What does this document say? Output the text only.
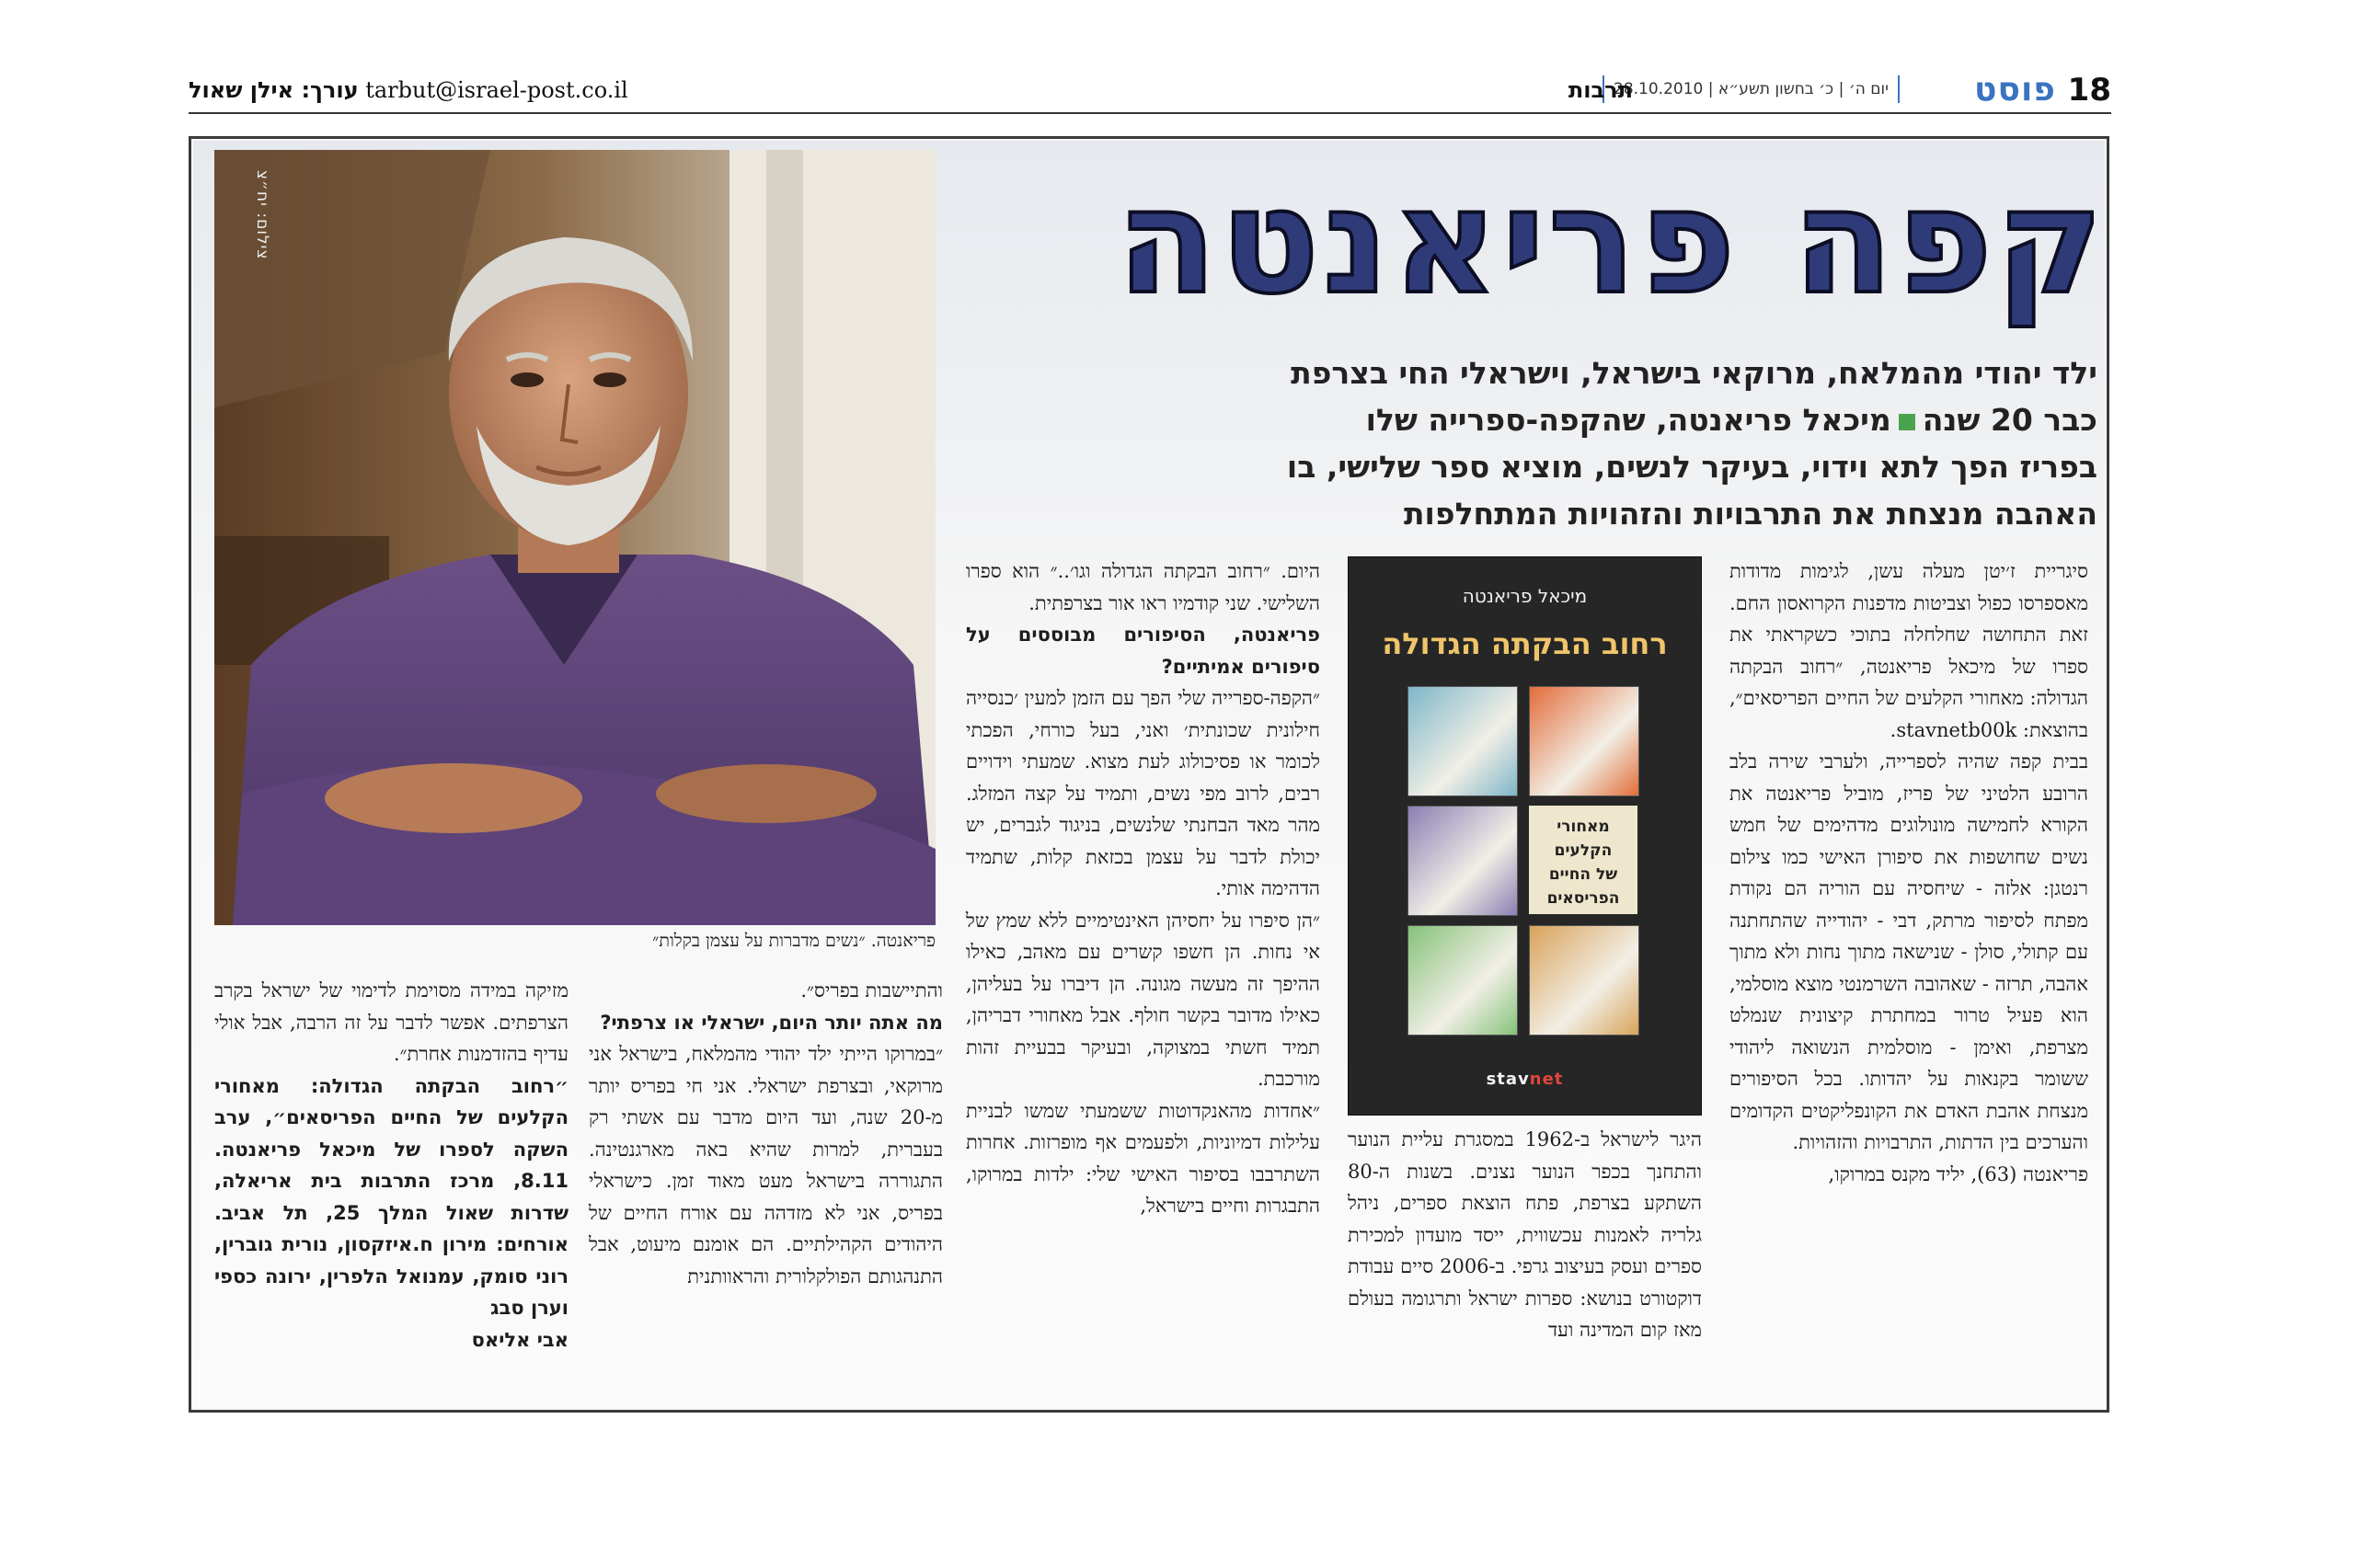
18
פוסט
יום ה׳ | כ׳ בחשון תשע״א | 28.10.2010
תרבות
עורך: אילן שאול tarbut@israel-post.co.il
צילום: יח״צ
פריאנטה. ״נשים מדברות על עצמן בקלות״
קפה פריאנטה
ילד יהודי מהמלאח, מרוקאי בישראל, וישראלי החי בצרפת
כבר 20 שנהמיכאל פריאנטה, שהקפה-ספרייה שלו
בפריז הפך לתא וידוי, בעיקר לנשים, מוציא ספר שלישי, בו
האהבה מנצחת את התרבויות והזהויות המתחלפות
מיכאל פריאנטה
רחוב הבקתה הגדולה
מאחורי
הקלעים
של החיים
הפריסאים
stavnet

סיגריית ז׳יטן מעלה עשן, לגימות מדודות מאספרסו כפול וצביטות מדפנות הקרואסון החם. זאת התחושה שחלחלה בתוכי כשקראתי את ספרו של מיכאל פריאנטה, ״רחוב הבקתה הגדולה: מאחורי הקלעים של החיים הפריסאים״, בהוצאת: stavnetb00k.

בבית קפה שהיה לספרייה, ולערבי שירה בלב הרובע הלטיני של פריז, מוביל פריאנטה את הקורא לחמישה מונולוגים מדהימים של חמש נשים שחושפות את סיפורן האישי כמו צילום רנטגן: אלזה - שיחסיה עם הוריה הם נקודת מפתח לסיפור מרתק, דבי - יהודייה שהתחתנה עם קתולי, סולן - שנישאה מתוך נחות ולא מתוך אהבה, תרזה - שאהובה השרמנטי מוצא מוסלמי, הוא פעיל טרור במחתרת קיצונית שנמלט מצרפת, ואימן - מוסלמית הנשואה ליהודי ששומר בקנאות על יהדותו. בכל הסיפורים מנצחת אהבת האדם את הקונפליקטים הקדומים והערכים בין הדתות, התרבויות והזהויות.

פריאנטה (63), יליד מקנס במרוקו,

היגר לישראל ב-1962 במסגרת עליית הנוער והתחנך בכפר הנוער נצנים. בשנות ה-80 השתקע בצרפת, פתח הוצאת ספרים, ניהל גלריה לאמנות עכשווית, ייסד מועדון למכירת ספרים ועסק בעיצוב גרפי. ב-2006 סיים עבודת דוקטורט בנושא: ספרות ישראל ותרגומה בעולם מאז קום המדינה ועד

היום. ״רחוב הבקתה הגדולה וגו׳..״ הוא ספרו השלישי. שני קודמיו ראו אור בצרפתית.

פריאנטה, הסיפורים מבוססים על סיפורים אמיתיים?

״הקפה-ספרייה שלי הפך עם הזמן למעין ׳כנסייה חילונית שכונתית׳ ואני, בעל כורחי, הפכתי לכומר או פסיכולוג לעת מצוא. שמעתי וידויים רבים, לרוב מפי נשים, ותמיד על קצה המזלג. מהר מאד הבחנתי שלנשים, בניגוד לגברים, יש יכולת לדבר על עצמן בכזאת קלות, שתמיד הדהימה אותי.

״הן סיפרו על יחסיהן האינטימיים ללא שמץ של אי נחות. הן חשפו קשרים עם מאהב, כאילו ההיפך זה מעשה מגונה. הן דיברו על בעליהן, כאילו מדובר בקשר חולף. אבל מאחורי דבריהן, תמיד חשתי במצוקה, ובעיקר בבעיית זהות מורכבת.

״אחדות מהאנקדוטות ששמעתי שמשו לבניית עלילות דמיוניות, ולפעמים אף מופרזות. אחרות השתרבבו בסיפור האישי שלי: ילדות במרוקו, התבגרות וחיים בישראל,

והתיישבות בפריס״.

מה אתה יותר היום, ישראלי או צרפתי?

״במרוקו הייתי ילד יהודי מהמלאח, בישראל אני מרוקאי, ובצרפת ישראלי. אני חי בפריס יותר מ-20 שנה, ועד היום מדבר עם אשתי רק בעברית, למרות שהיא באה מארגנטינה. התגוררה בישראל מעט מאוד זמן. כישראלי בפריס, אני לא מזדהה עם אורח החיים של היהודים הקהילתיים. הם אומנם מיעוט, אבל התנהגותם הפולקלורית והראוותנית

מזיקה במידה מסוימת לדימוי של ישראל בקרב הצרפתים. אפשר לדבר על זה הרבה, אבל אולי עדיף בהזדמנות אחרת״.

״רחוב הבקתה הגדולה: מאחורי הקלעים של החיים הפריסאים״, ערב השקה לספרו של מיכאל פריאנטה. 8.11, מרכז התרבות בית אריאלה, שדרות שאול המלך 25, תל אביב. אורחים: מירון ח.איזקסון, נורית גוברין, רוני סומק, עמנואל הלפרין, ירונה כספי וערן סבג

אבי אליאס
